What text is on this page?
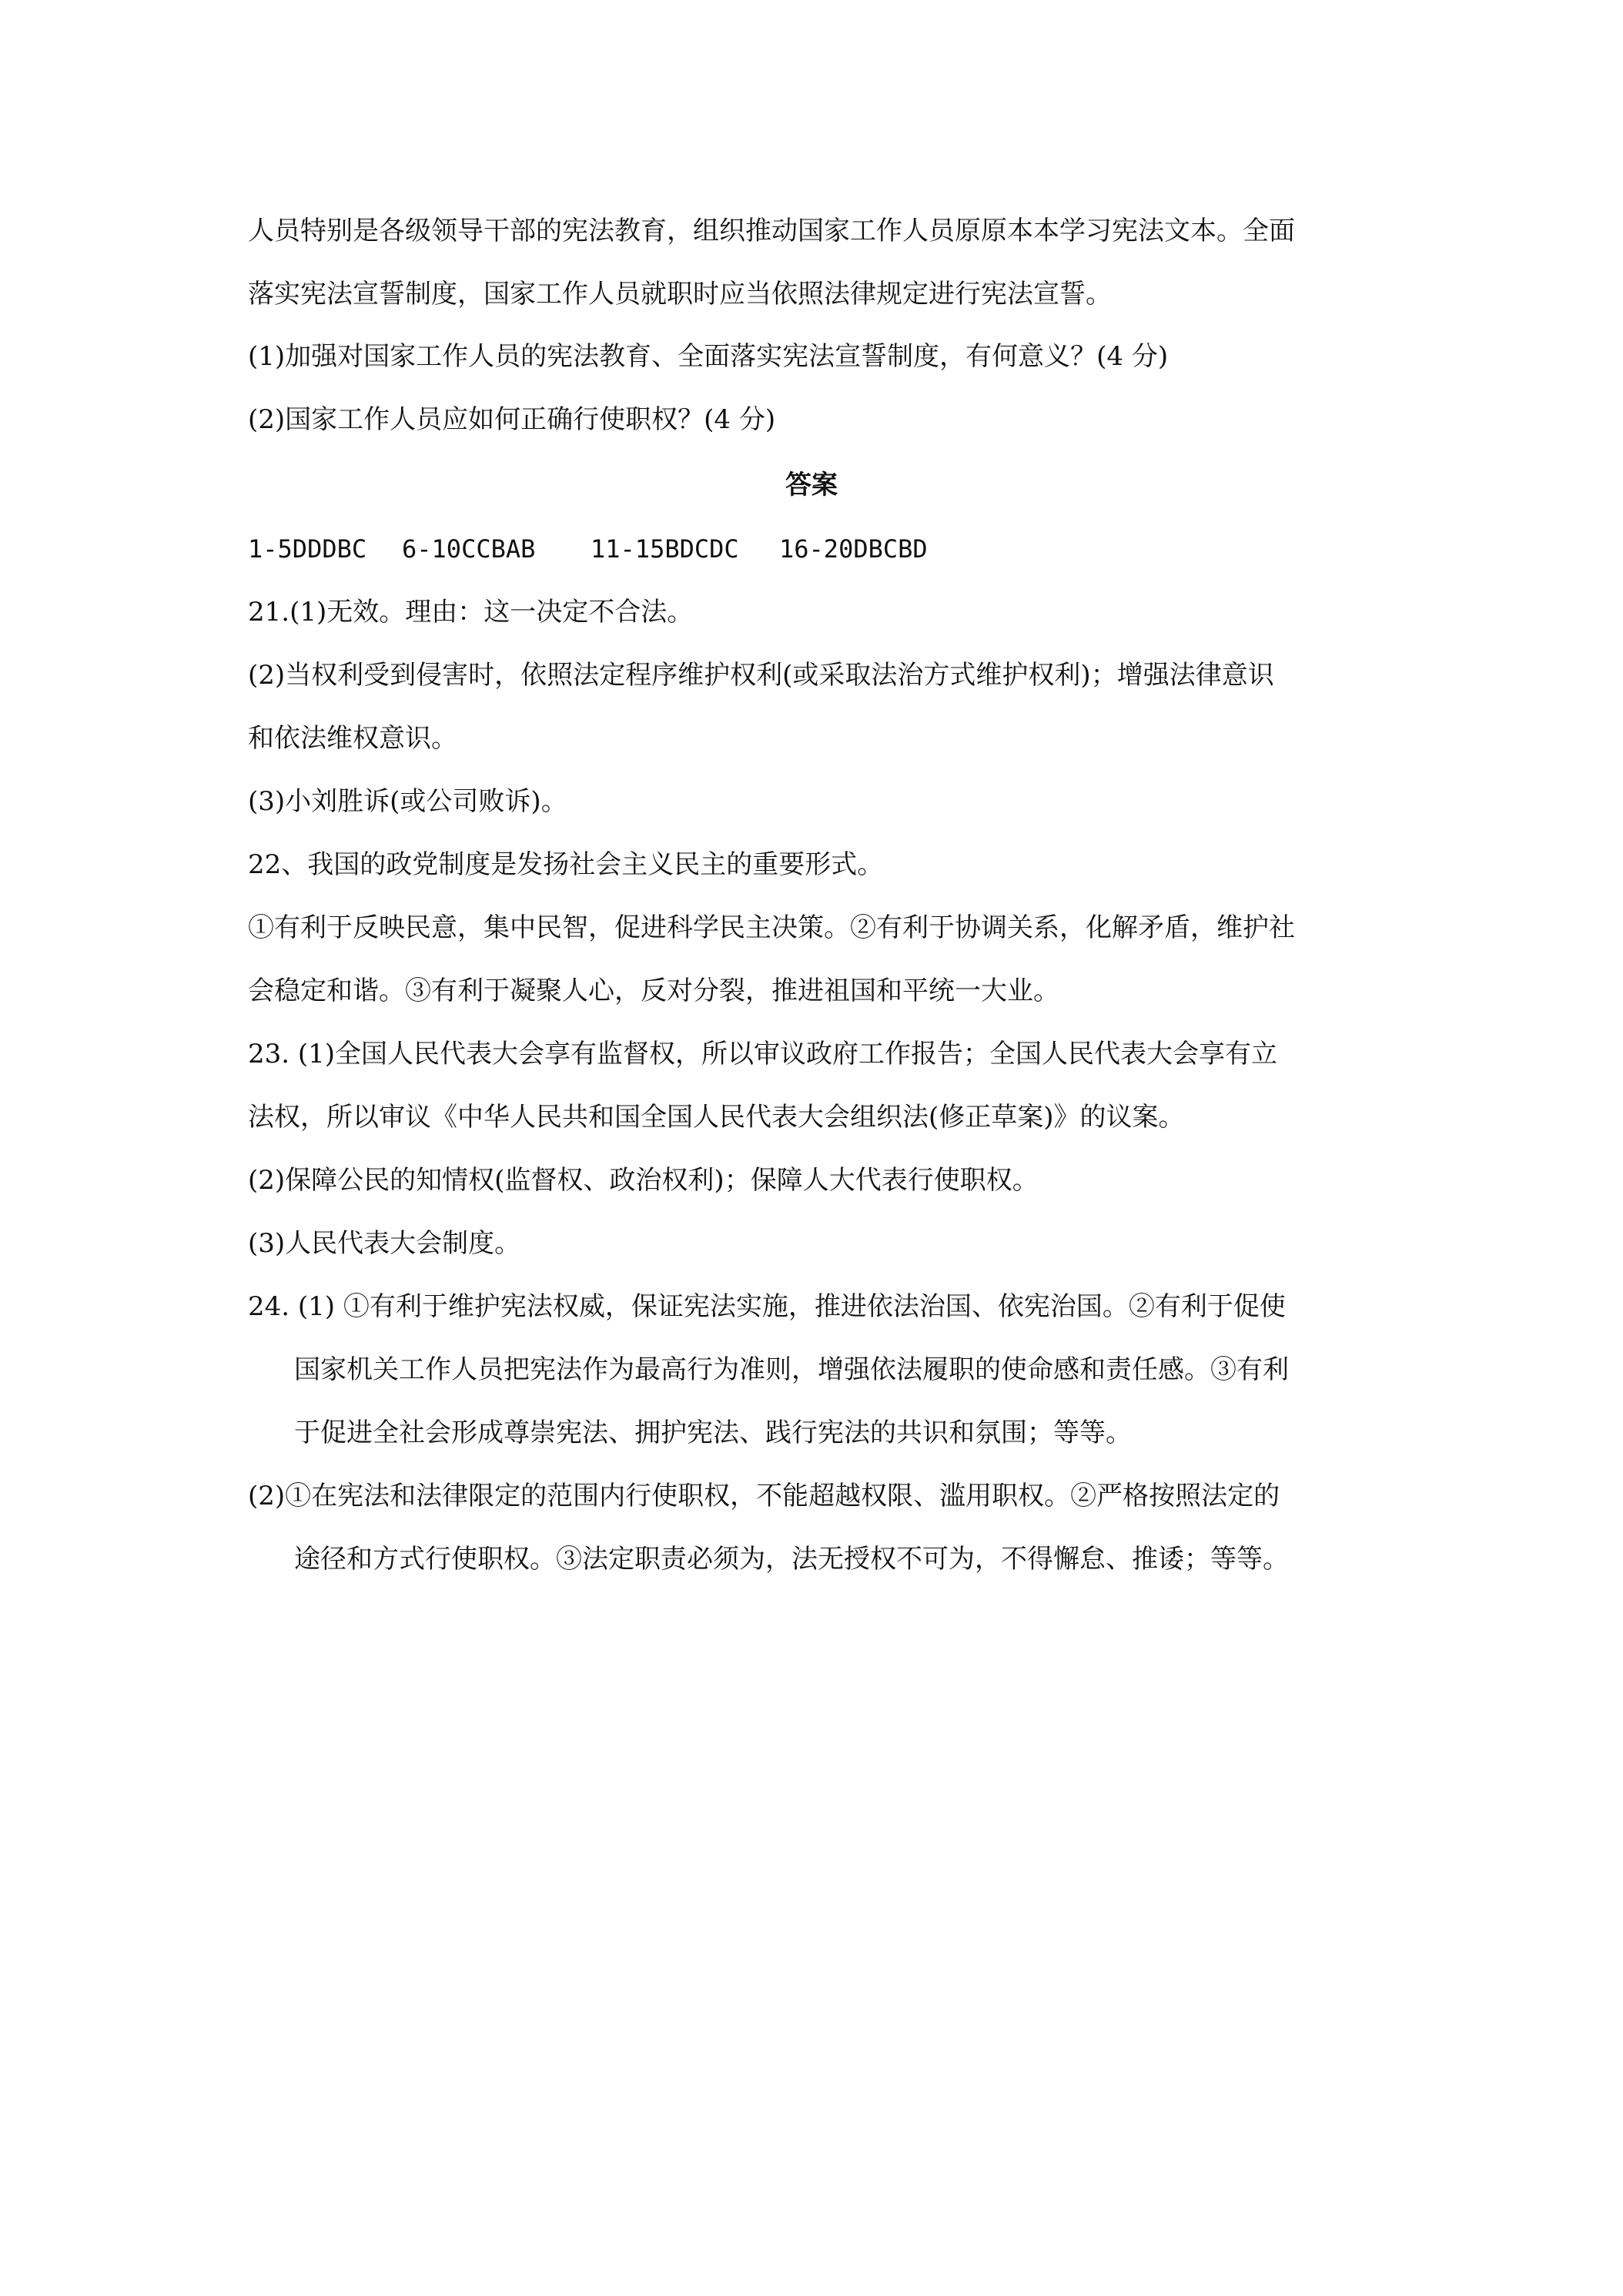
人员特别是各级领导干部的宪法教育，组织推动国家工作人员原原本本学习宪法文本。全面

落实宪法宣誓制度，国家工作人员就职时应当依照法律规定进行宪法宣誓。

(1)加强对国家工作人员的宪法教育、全面落实宪法宣誓制度，有何意义？(4 分)

(2)国家工作人员应如何正确行使职权？(4 分)

答案
1-5DDDBC 6-10CCBAB 11-15BDCDC 16-20DBCBD

21.(1)无效。理由：这一决定不合法。

(2)当权利受到侵害时，依照法定程序维护权利(或采取法治方式维护权利)；增强法律意识

和依法维权意识。

(3)小刘胜诉(或公司败诉)。

22、我国的政党制度是发扬社会主义民主的重要形式。

①有利于反映民意，集中民智，促进科学民主决策。②有利于协调关系，化解矛盾，维护社

会稳定和谐。③有利于凝聚人心，反对分裂，推进祖国和平统一大业。

23. (1)全国人民代表大会享有监督权，所以审议政府工作报告；全国人民代表大会享有立

法权，所以审议《中华人民共和国全国人民代表大会组织法(修正草案)》的议案。

(2)保障公民的知情权(监督权、政治权利)；保障人大代表行使职权。

(3)人民代表大会制度。

24. (1) ①有利于维护宪法权威，保证宪法实施，推进依法治国、依宪治国。②有利于促使

国家机关工作人员把宪法作为最高行为准则，增强依法履职的使命感和责任感。③有利

于促进全社会形成尊崇宪法、拥护宪法、践行宪法的共识和氛围；等等。

(2)①在宪法和法律限定的范围内行使职权，不能超越权限、滥用职权。②严格按照法定的

途径和方式行使职权。③法定职责必须为，法无授权不可为，不得懈怠、推诿；等等。
